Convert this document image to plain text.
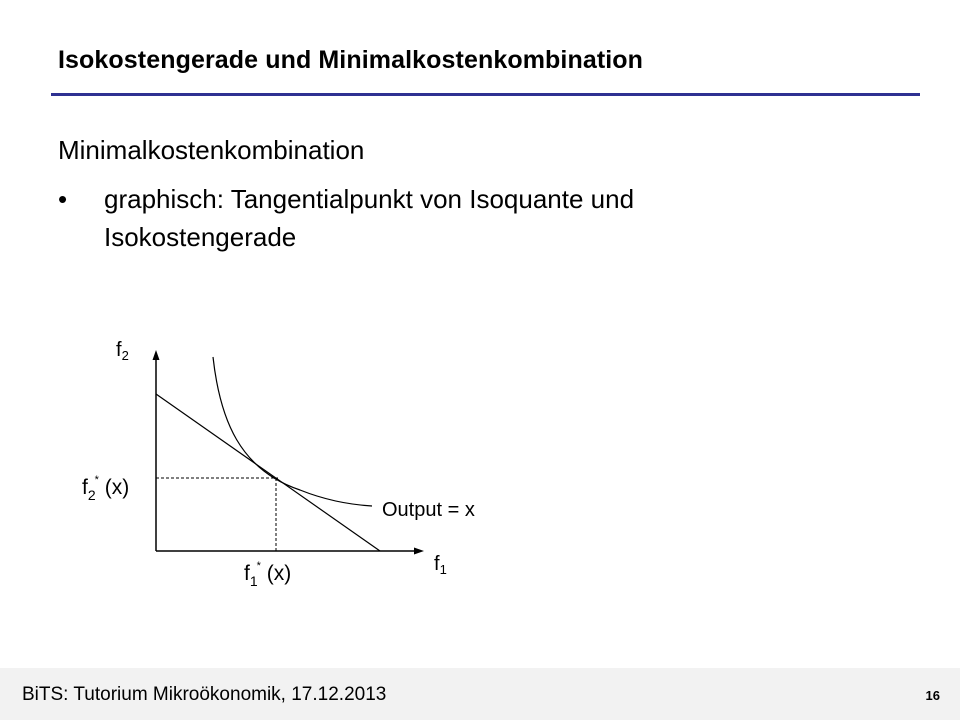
Isokostengerade und Minimalkostenkombination
Minimalkostenkombination
•	graphisch: Tangentialpunkt von Isoquante und Isokostengerade
$f_2$
$f_1$
$f_2*$ (x)
$f_1*$ (x)
Output = x
BiTS: Tutorium Mikroökonomik, 17.12.2013	16
